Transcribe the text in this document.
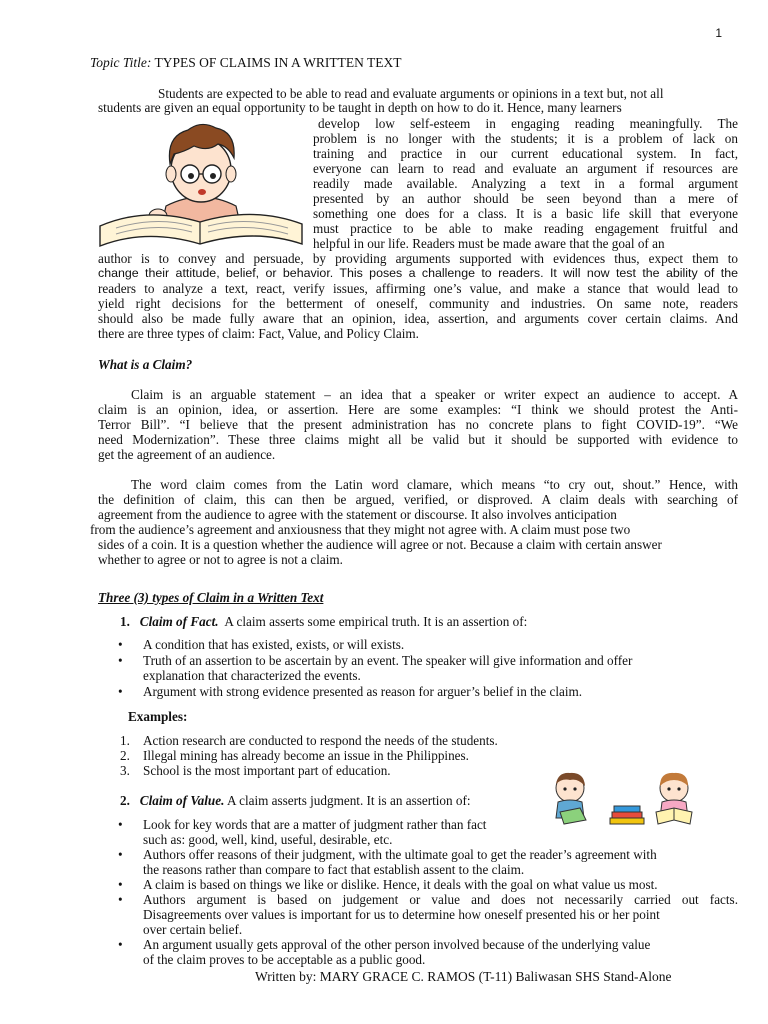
1
Topic Title: TYPES OF CLAIMS IN A WRITTEN TEXT
Students are expected to be able to read and evaluate arguments or opinions in a text but, not all
students are given an equal opportunity to be taught in depth on how to do it. Hence, many learners
develop low self-esteem in engaging reading meaningfully. The
problem is no longer with the students; it is a problem of lack on
training and practice in our current educational system. In fact,
everyone can learn to read and evaluate an argument if resources are
readily made available. Analyzing a text in a formal argument
presented by an author should be seen beyond than a mere of
something one does for a class. It is a basic life skill that everyone
must practice to be able to make reading engagement fruitful and
helpful in our life. Readers must be made aware that the goal of an
author is to convey and persuade, by providing arguments supported with evidences thus, expect them to
change their attitude, belief, or behavior. This poses a challenge to readers. It will now test the ability of the
readers to analyze a text, react, verify issues, affirming one’s value, and make a stance that would lead to
yield right decisions for the betterment of oneself, community and industries. On same note, readers
should also be made fully aware that an opinion, idea, assertion, and arguments cover certain claims. And
there are three types of claim: Fact, Value, and Policy Claim.
What is a Claim?
Claim is an arguable statement – an idea that a speaker or writer expect an audience to accept. A
claim is an opinion, idea, or assertion. Here are some examples: “I think we should protest the Anti-
Terror Bill”. “I believe that the present administration has no concrete plans to fight COVID-19”. “We
need Modernization”. These three claims might all be valid but it should be supported with evidence to
get the agreement of an audience.
The word claim comes from the Latin word clamare, which means “to cry out, shout.” Hence, with
the definition of claim, this can then be argued, verified, or disproved. A claim deals with searching of
agreement from the audience to agree with the statement or discourse. It also involves anticipation
from the audience’s agreement and anxiousness that they might not agree with. A claim must pose two
sides of a coin. It is a question whether the audience will agree or not. Because a claim with certain answer
whether to agree or not to agree is not a claim.
Three (3) types of Claim in a Written Text
1. Claim of Fact. A claim asserts some empirical truth. It is an assertion of:
• A condition that has existed, exists, or will exists.
• Truth of an assertion to be ascertain by an event. The speaker will give information and offer
explanation that characterized the events.
• Argument with strong evidence presented as reason for arguer’s belief in the claim.
Examples:
1. Action research are conducted to respond the needs of the students.
2. Illegal mining has already become an issue in the Philippines.
3. School is the most important part of education.
2. Claim of Value. A claim asserts judgment. It is an assertion of:
• Look for key words that are a matter of judgment rather than fact
such as: good, well, kind, useful, desirable, etc.
• Authors offer reasons of their judgment, with the ultimate goal to get the reader’s agreement with
the reasons rather than compare to fact that establish assent to the claim.
• A claim is based on things we like or dislike. Hence, it deals with the goal on what value us most.
• Authors argument is based on judgement or value and does not necessarily carried out facts.
Disagreements over values is important for us to determine how oneself presented his or her point
over certain belief.
• An argument usually gets approval of the other person involved because of the underlying value
of the claim proves to be acceptable as a public good.
Written by: MARY GRACE C. RAMOS (T-11) Baliwasan SHS Stand-Alone
